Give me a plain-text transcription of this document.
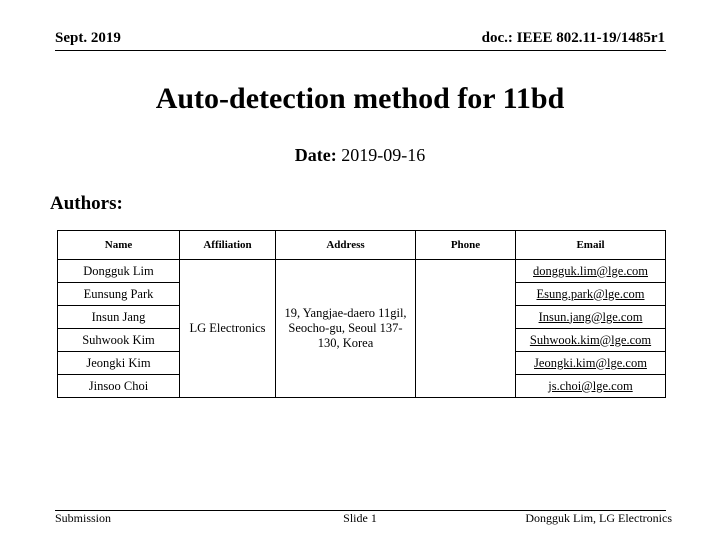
Sept. 2019	doc.: IEEE 802.11-19/1485r1
Auto-detection method for 11bd
Date: 2019-09-16
Authors:
Name	Affiliation	Address	Phone	Email
Dongguk Lim	LG Electronics	19, Yangjae-daero 11gil, Seocho-gu, Seoul 137-130, Korea		dongguk.lim@lge.com
Eunsung Park				Esung.park@lge.com
Insun Jang				Insun.jang@lge.com
Suhwook Kim				Suhwook.kim@lge.com
Jeongki Kim				Jeongki.kim@lge.com
Jinsoo Choi				js.choi@lge.com
Submission	Slide 1	Dongguk Lim, LG Electronics
